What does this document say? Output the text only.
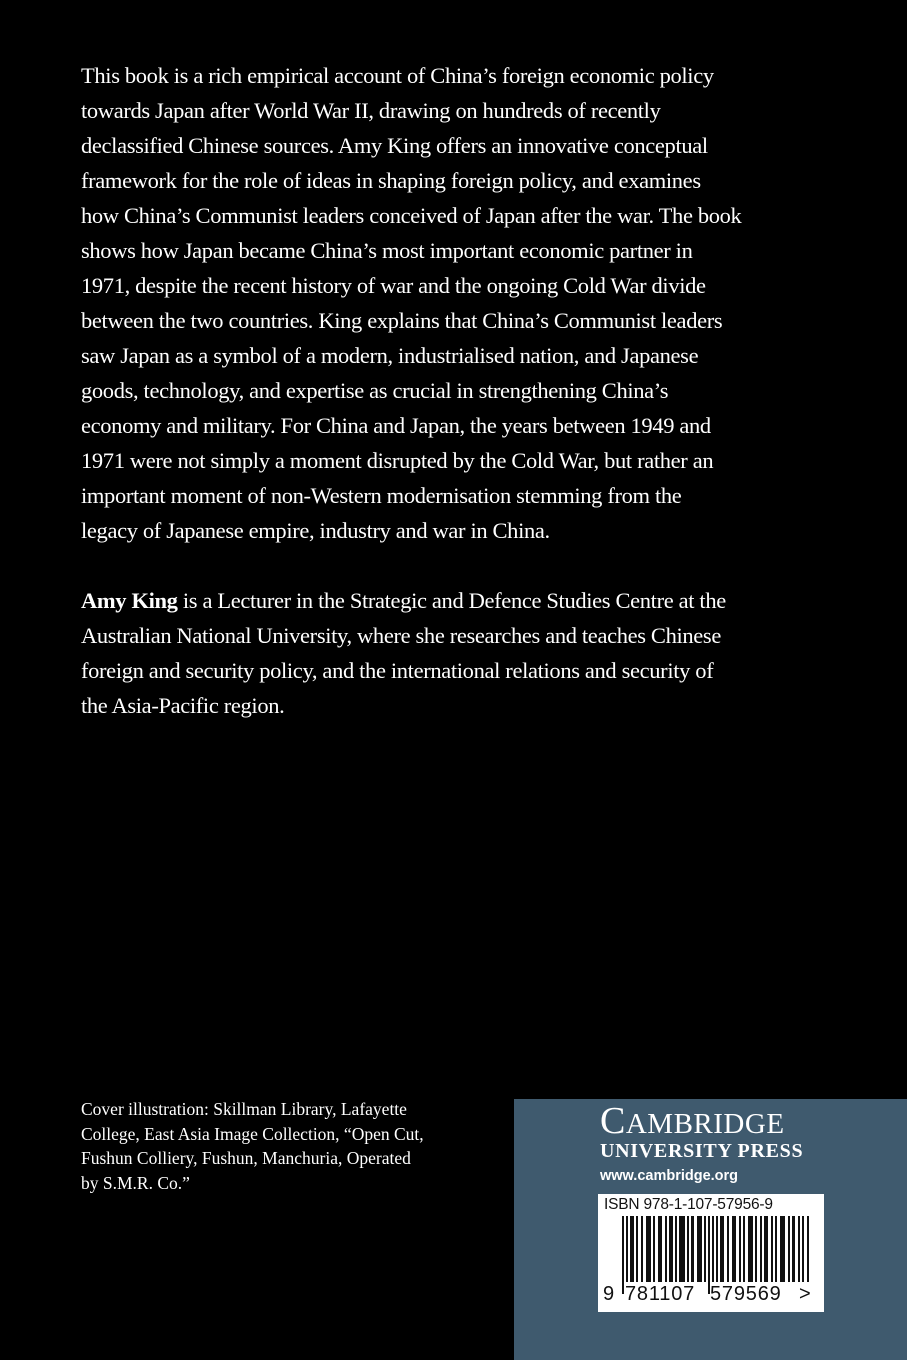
This book is a rich empirical account of China’s foreign economic policy
towards Japan after World War II, drawing on hundreds of recently
declassified Chinese sources. Amy King offers an innovative conceptual
framework for the role of ideas in shaping foreign policy, and examines
how China’s Communist leaders conceived of Japan after the war. The book
shows how Japan became China’s most important economic partner in
1971, despite the recent history of war and the ongoing Cold War divide
between the two countries. King explains that China’s Communist leaders
saw Japan as a symbol of a modern, industrialised nation, and Japanese
goods, technology, and expertise as crucial in strengthening China’s
economy and military. For China and Japan, the years between 1949 and
1971 were not simply a moment disrupted by the Cold War, but rather an
important moment of non-Western modernisation stemming from the
legacy of Japanese empire, industry and war in China.
Amy King is a Lecturer in the Strategic and Defence Studies Centre at the
Australian National University, where she researches and teaches Chinese
foreign and security policy, and the international relations and security of
the Asia-Pacific region.
Cover illustration: Skillman Library, Lafayette
College, East Asia Image Collection, “Open Cut,
Fushun Colliery, Fushun, Manchuria, Operated
by S.M.R. Co.”
CAMBRIDGE
UNIVERSITY PRESS
www.cambridge.org
ISBN 978-1-107-57956-9
9 781107 579569 >
